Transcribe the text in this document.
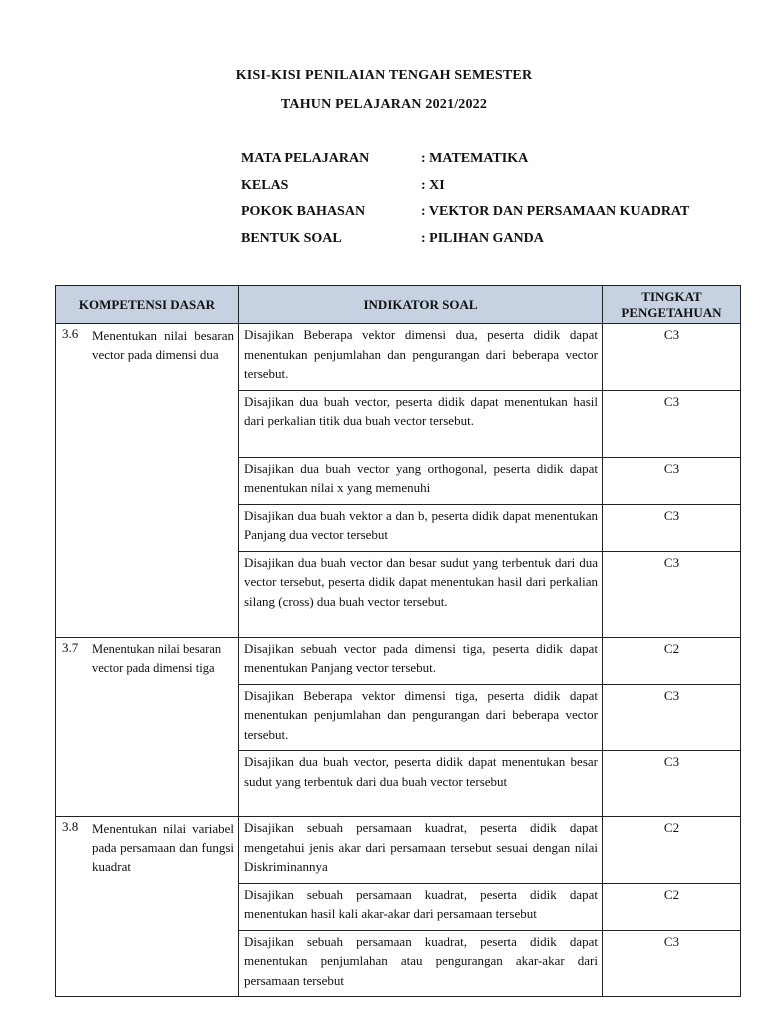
KISI-KISI PENILAIAN TENGAH SEMESTER
TAHUN PELAJARAN 2021/2022
MATA PELAJARAN	: MATEMATIKA
KELAS	: XI
POKOK BAHASAN	: VEKTOR DAN PERSAMAAN KUADRAT
BENTUK SOAL	: PILIHAN GANDA
KOMPETENSI DASAR	INDIKATOR SOAL	TINGKAT
PENGETAHUAN

3.6 Menentukan nilai besaran vector pada dimensi dua	Disajikan Beberapa vektor dimensi dua, peserta didik dapat menentukan penjumlahan dan pengurangan dari beberapa vector tersebut.	C3
	Disajikan dua buah vector, peserta didik dapat menentukan hasil dari perkalian titik dua buah vector tersebut.	C3
	Disajikan dua buah vector yang orthogonal, peserta didik dapat menentukan nilai x yang memenuhi	C3
	Disajikan dua buah vektor a dan b, peserta didik dapat menentukan Panjang dua vector tersebut	C3
	Disajikan dua buah vector dan besar sudut yang terbentuk dari dua vector tersebut, peserta didik dapat menentukan hasil dari perkalian silang (cross) dua buah vector tersebut.	C3

3.7 Menentukan nilai besaran vector pada dimensi tiga	Disajikan sebuah vector pada dimensi tiga, peserta didik dapat menentukan Panjang vector tersebut.	C2
	Disajikan Beberapa vektor dimensi tiga, peserta didik dapat menentukan penjumlahan dan pengurangan dari beberapa vector tersebut.	C3
	Disajikan dua buah vector, peserta didik dapat menentukan besar sudut yang terbentuk dari dua buah vector tersebut	C3

3.8 Menentukan nilai variabel pada persamaan dan fungsi kuadrat	Disajikan sebuah persamaan kuadrat, peserta didik dapat mengetahui jenis akar dari persamaan tersebut sesuai dengan nilai Diskriminannya	C2
	Disajikan sebuah persamaan kuadrat, peserta didik dapat menentukan hasil kali akar-akar dari persamaan tersebut	C2
	Disajikan sebuah persamaan kuadrat, peserta didik dapat menentukan penjumlahan atau pengurangan akar-akar dari persamaan tersebut	C3
